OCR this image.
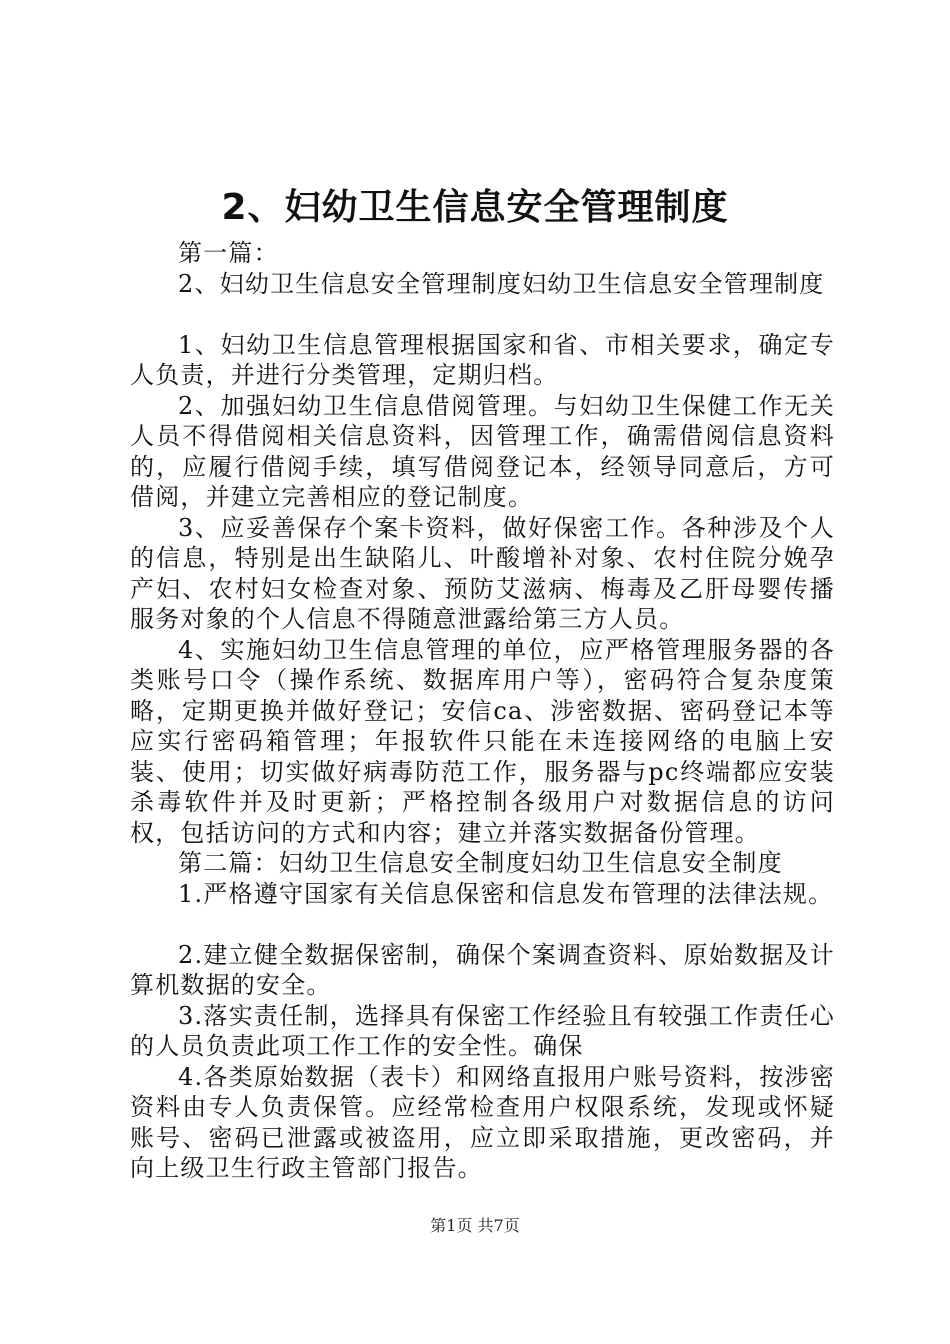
2、妇幼卫生信息安全管理制度

第一篇：

2、妇幼卫生信息安全管理制度妇幼卫生信息安全管理制度

1、妇幼卫生信息管理根据国家和省、市相关要求，确定专人负责，并进行分类管理，定期归档。

2、加强妇幼卫生信息借阅管理。与妇幼卫生保健工作无关人员不得借阅相关信息资料，因管理工作，确需借阅信息资料的，应履行借阅手续，填写借阅登记本，经领导同意后，方可借阅，并建立完善相应的登记制度。

3、应妥善保存个案卡资料，做好保密工作。各种涉及个人的信息，特别是出生缺陷儿、叶酸增补对象、农村住院分娩孕产妇、农村妇女检查对象、预防艾滋病、梅毒及乙肝母婴传播服务对象的个人信息不得随意泄露给第三方人员。

4、实施妇幼卫生信息管理的单位，应严格管理服务器的各类账号口令（操作系统、数据库用户等），密码符合复杂度策略，定期更换并做好登记；安信ca、涉密数据、密码登记本等应实行密码箱管理；年报软件只能在未连接网络的电脑上安装、使用；切实做好病毒防范工作，服务器与pc终端都应安装杀毒软件并及时更新；严格控制各级用户对数据信息的访问权，包括访问的方式和内容；建立并落实数据备份管理。

第二篇：妇幼卫生信息安全制度妇幼卫生信息安全制度

1.严格遵守国家有关信息保密和信息发布管理的法律法规。

2.建立健全数据保密制，确保个案调查资料、原始数据及计算机数据的安全。

3.落实责任制，选择具有保密工作经验且有较强工作责任心的人员负责此项工作工作的安全性。确保

4.各类原始数据（表卡）和网络直报用户账号资料，按涉密资料由专人负责保管。应经常检查用户权限系统，发现或怀疑账号、密码已泄露或被盗用，应立即采取措施，更改密码，并向上级卫生行政主管部门报告。

第1页 共7页
